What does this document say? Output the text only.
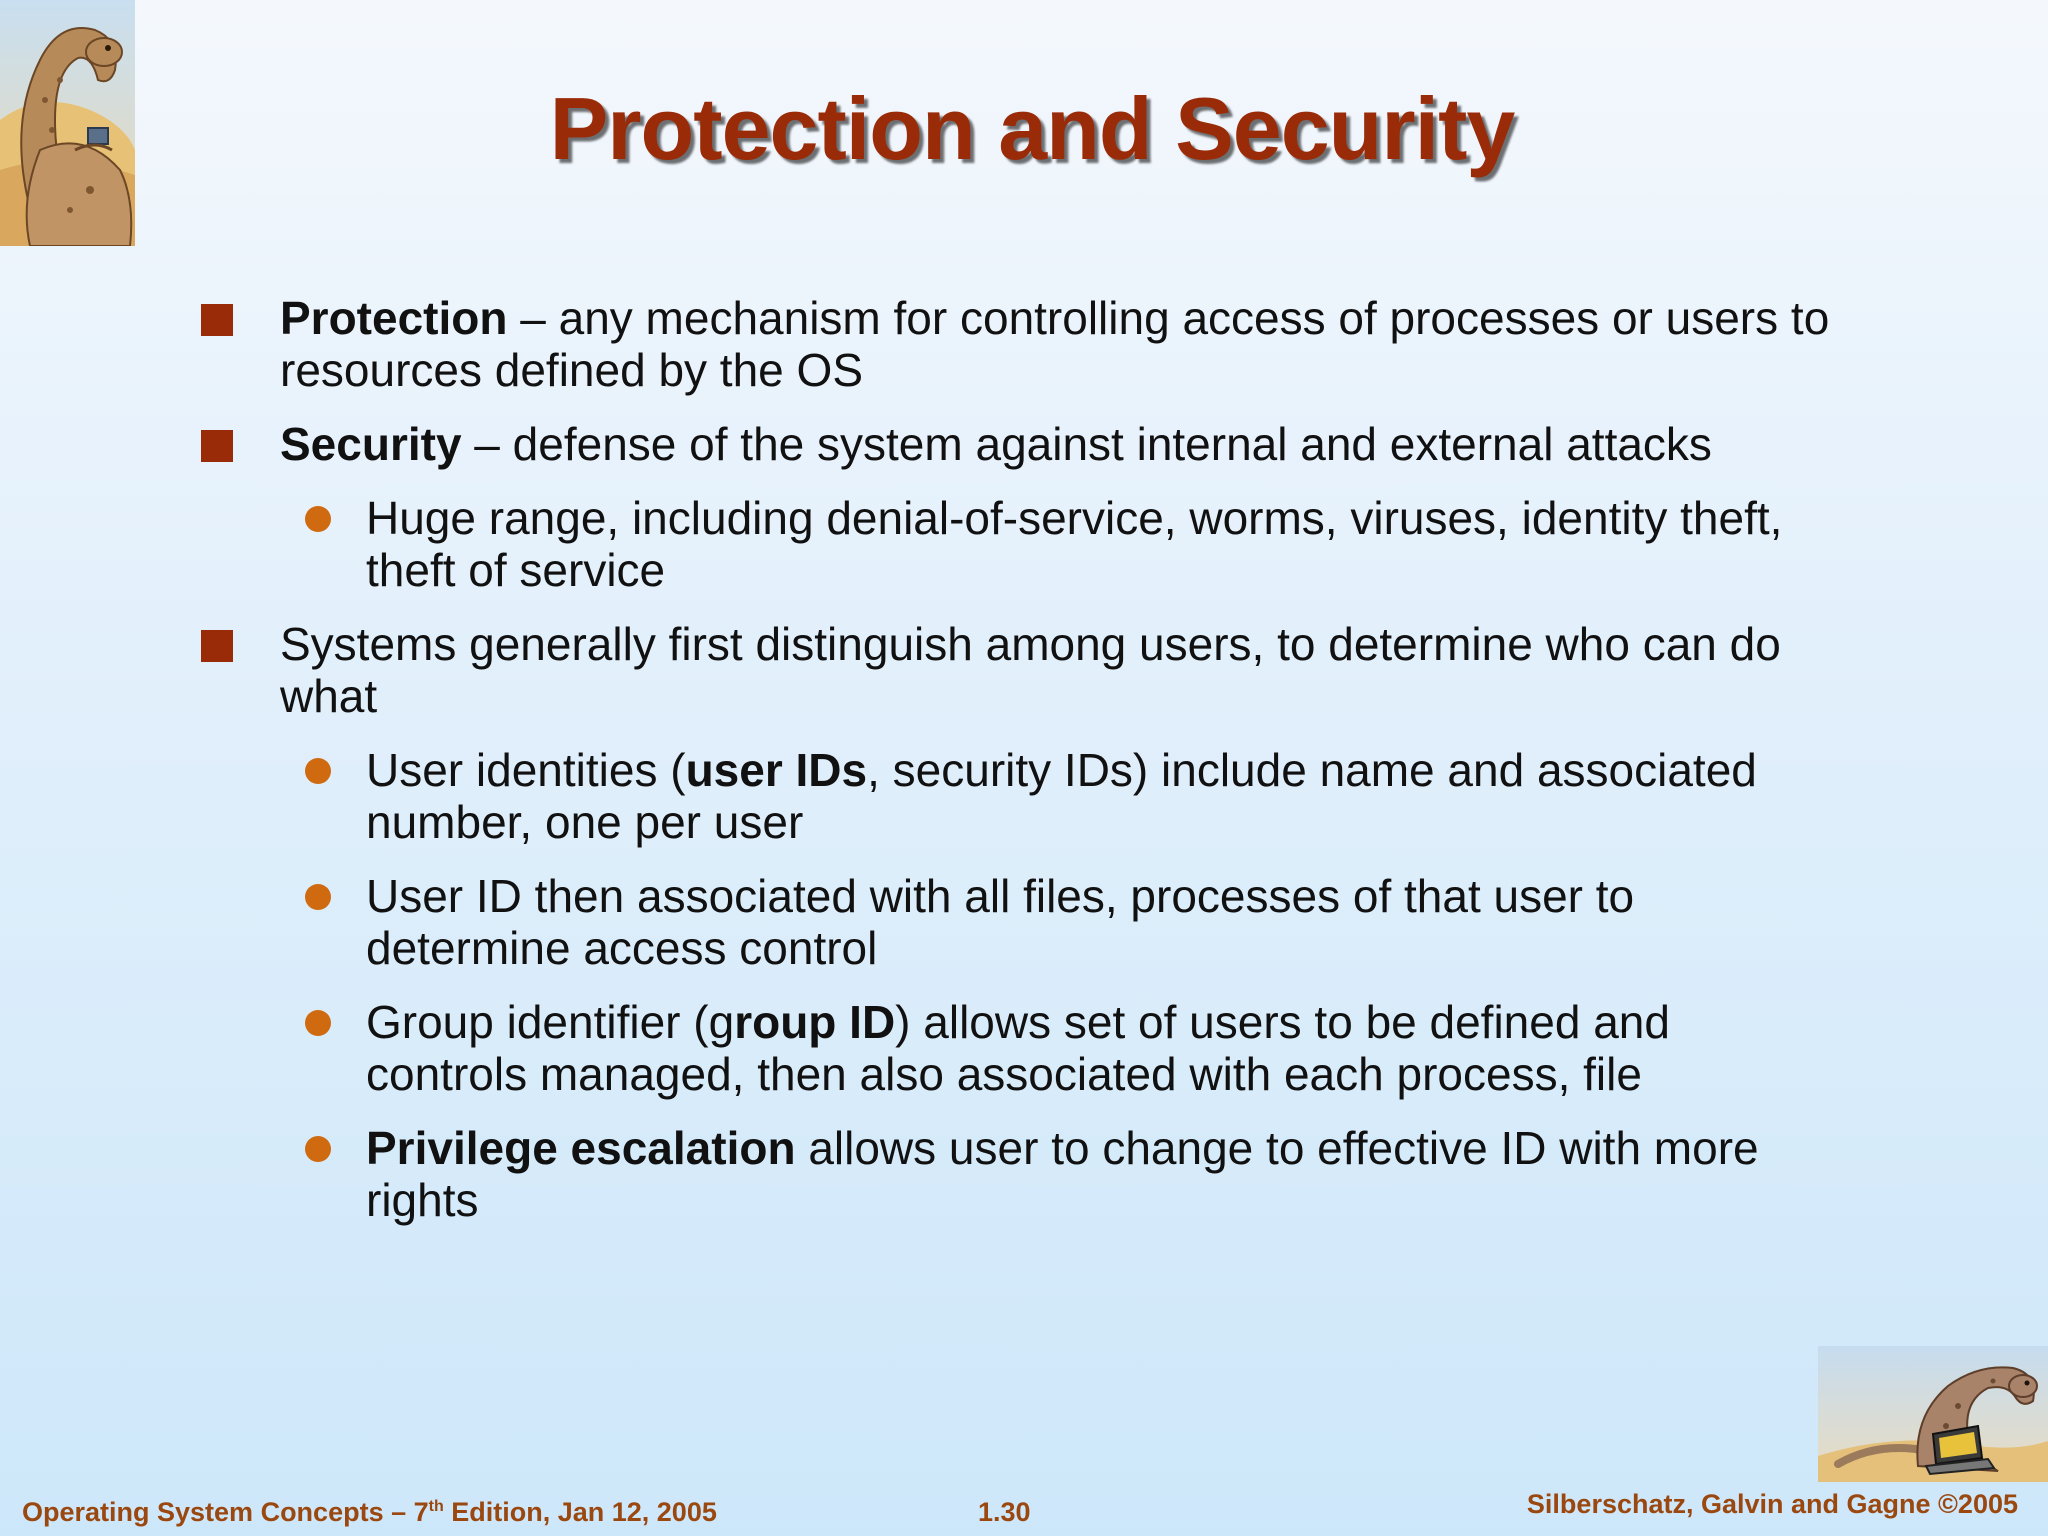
Protection and Security
Protection – any mechanism for controlling access of processes or users to resources defined by the OS
Security – defense of the system against internal and external attacks
Huge range, including denial-of-service, worms, viruses, identity theft, theft of service
Systems generally first distinguish among users, to determine who can do what
User identities (user IDs, security IDs) include name and associated number, one per user
User ID then associated with all files, processes of that user to determine access control
Group identifier (group ID) allows set of users to be defined and controls managed, then also associated with each process, file
Privilege escalation allows user to change to effective ID with more rights
Operating System Concepts – 7th Edition, Jan 12, 2005	1.30	Silberschatz, Galvin and Gagne ©2005
